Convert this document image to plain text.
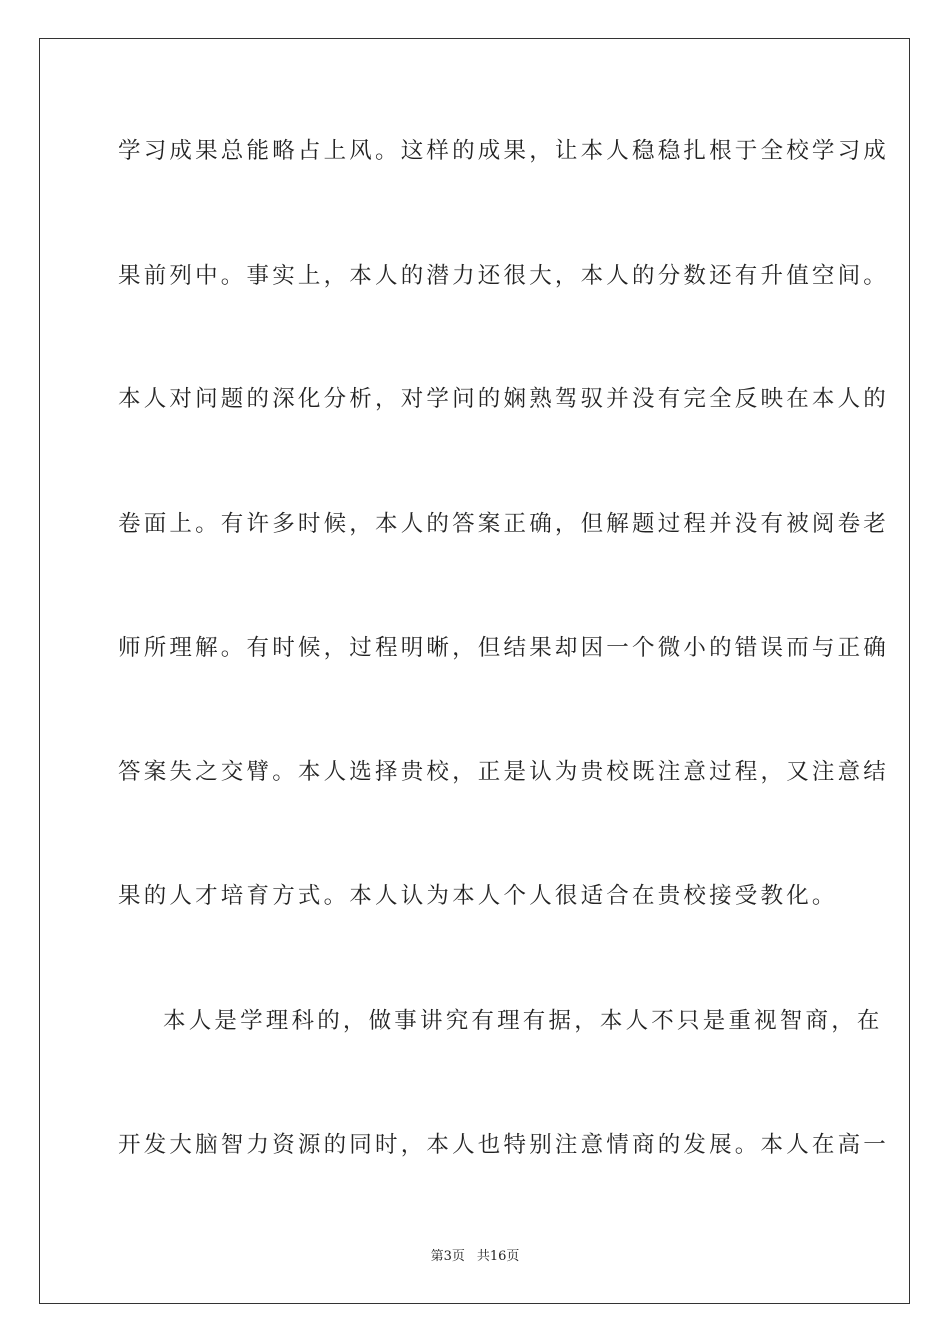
学习成果总能略占上风。这样的成果，让本人稳稳扎根于全校学习成
果前列中。事实上，本人的潜力还很大，本人的分数还有升值空间。
本人对问题的深化分析，对学问的娴熟驾驭并没有完全反映在本人的
卷面上。有许多时候，本人的答案正确，但解题过程并没有被阅卷老
师所理解。有时候，过程明晰，但结果却因一个微小的错误而与正确
答案失之交臂。本人选择贵校，正是认为贵校既注意过程，又注意结
果的人才培育方式。本人认为本人个人很适合在贵校接受教化。
本人是学理科的，做事讲究有理有据，本人不只是重视智商，在
开发大脑智力资源的同时，本人也特别注意情商的发展。本人在高一
第3页 共16页
